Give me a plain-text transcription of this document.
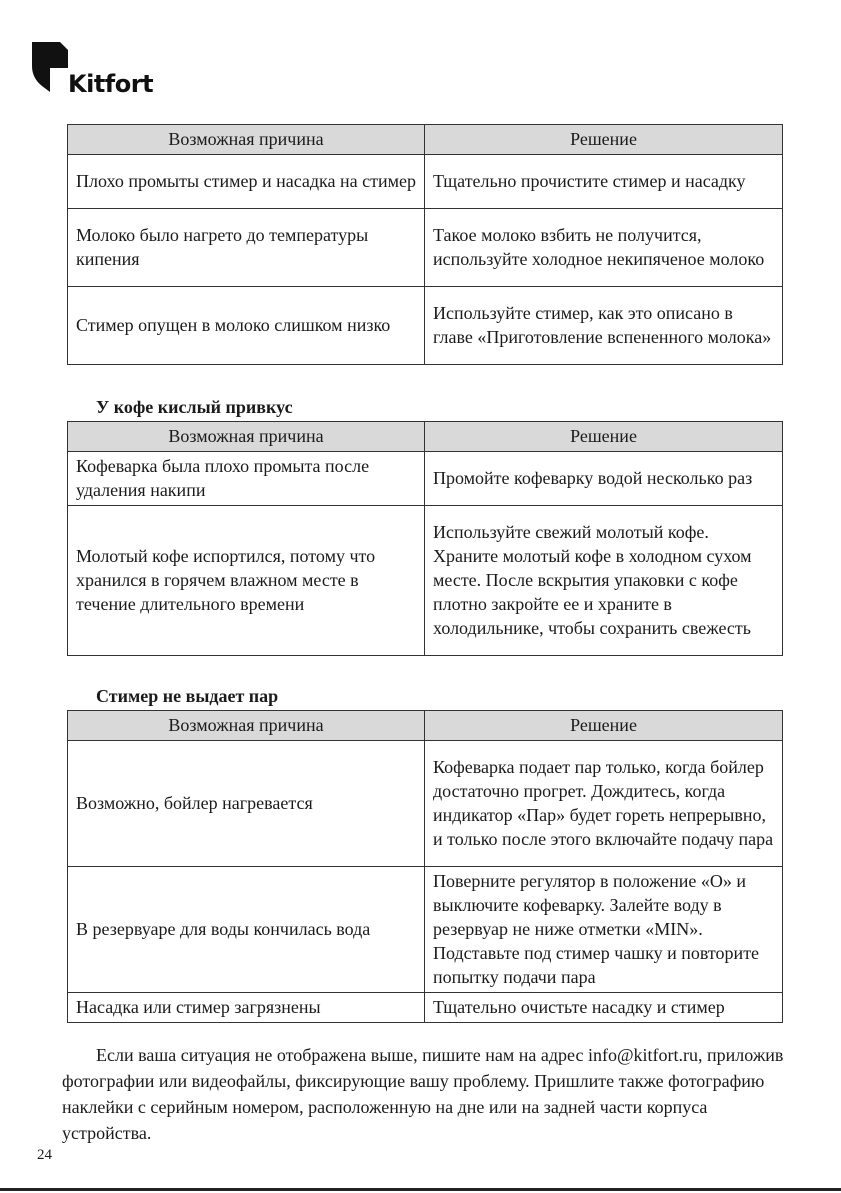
Kitfort
Возможная причина	Решение
Плохо промыты стимер и насадка на стимер	Тщательно прочистите стимер и насадку
Молоко было нагрето до температуры кипения	Такое молоко взбить не получится, используйте холодное некипяченое молоко
Стимер опущен в молоко слишком низко	Используйте стимер, как это описано в главе «Приготовление вспененного молока»
У кофе кислый привкус
Возможная причина	Решение
Кофеварка была плохо промыта после удаления накипи	Промойте кофеварку водой несколько раз
Молотый кофе испортился, потому что хранился в горячем влажном месте в течение длительного времени	Используйте свежий молотый кофе. Храните молотый кофе в холодном сухом месте. После вскрытия упаковки с кофе плотно закройте ее и храните в холодильнике, чтобы сохранить свежесть
Стимер не выдает пар
Возможная причина	Решение
Возможно, бойлер нагревается	Кофеварка подает пар только, когда бойлер достаточно прогрет. Дождитесь, когда индикатор «Пар» будет гореть непрерывно, и только после этого включайте подачу пара
В резервуаре для воды кончилась вода	Поверните регулятор в положение «O» и выключите кофеварку. Залейте воду в резервуар не ниже отметки «MIN». Подставьте под стимер чашку и повторите попытку подачи пара
Насадка или стимер загрязнены	Тщательно очистьте насадку и стимер

Если ваша ситуация не отображена выше, пишите нам на адрес info@kitfort.ru, приложив фотографии или видеофайлы, фиксирующие вашу проблему. Пришлите также фотографию наклейки с серийным номером, расположенную на дне или на задней части корпуса устройства.

24
